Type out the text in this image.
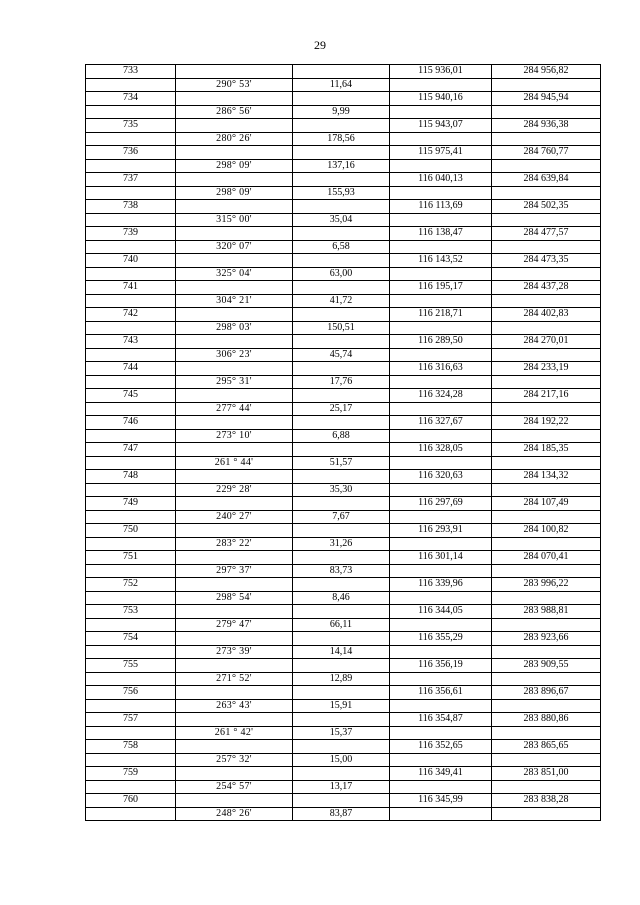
29
733			115 936,01	284 956,82
	290° 53'	11,64		
734			115 940,16	284 945,94
	286° 56'	9,99		
735			115 943,07	284 936,38
	280° 26'	178,56		
736			115 975,41	284 760,77
	298° 09'	137,16		
737			116 040,13	284 639,84
	298° 09'	155,93		
738			116 113,69	284 502,35
	315° 00'	35,04		
739			116 138,47	284 477,57
	320° 07'	6,58		
740			116 143,52	284 473,35
	325° 04'	63,00		
741			116 195,17	284 437,28
	304° 21'	41,72		
742			116 218,71	284 402,83
	298° 03'	150,51		
743			116 289,50	284 270,01
	306° 23'	45,74		
744			116 316,63	284 233,19
	295° 31'	17,76		
745			116 324,28	284 217,16
	277° 44'	25,17		
746			116 327,67	284 192,22
	273° 10'	6,88		
747			116 328,05	284 185,35
	261 ° 44'	51,57		
748			116 320,63	284 134,32
	229° 28'	35,30		
749			116 297,69	284 107,49
	240° 27'	7,67		
750			116 293,91	284 100,82
	283° 22'	31,26		
751			116 301,14	284 070,41
	297° 37'	83,73		
752			116 339,96	283 996,22
	298° 54'	8,46		
753			116 344,05	283 988,81
	279° 47'	66,11		
754			116 355,29	283 923,66
	273° 39'	14,14		
755			116 356,19	283 909,55
	271° 52'	12,89		
756			116 356,61	283 896,67
	263° 43'	15,91		
757			116 354,87	283 880,86
	261 ° 42'	15,37		
758			116 352,65	283 865,65
	257° 32'	15,00		
759			116 349,41	283 851,00
	254° 57'	13,17		
760			116 345,99	283 838,28
	248° 26'	83,87		
